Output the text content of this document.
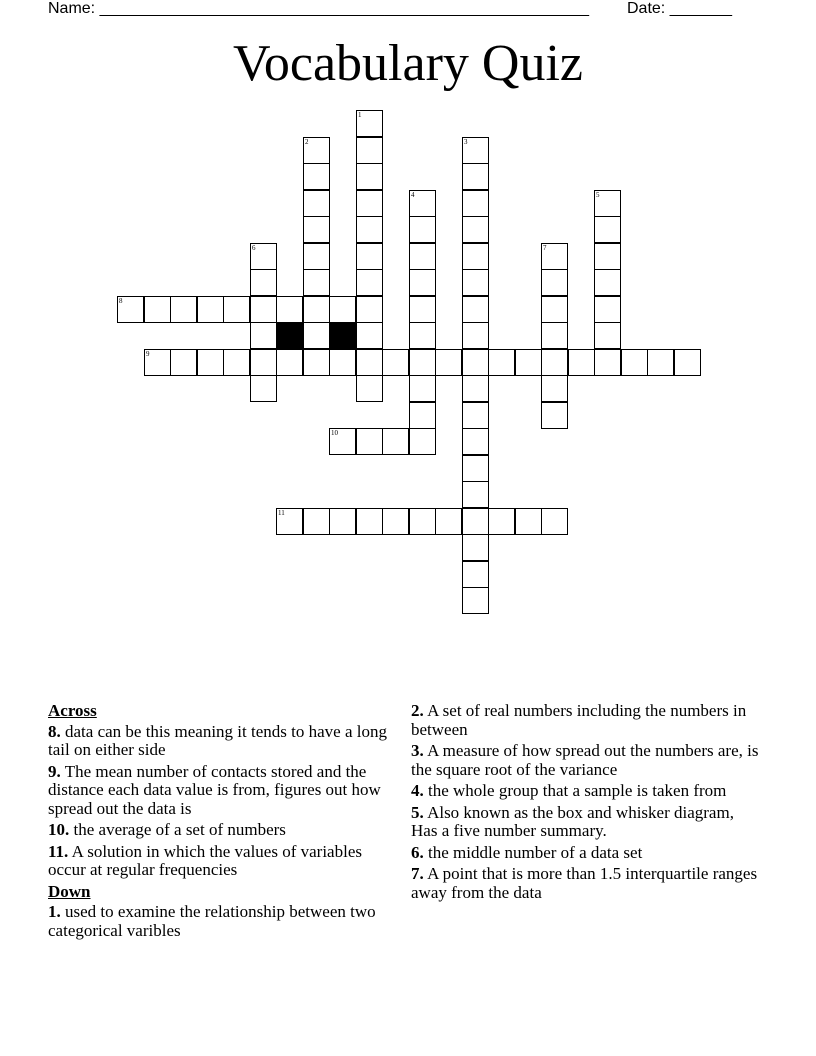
Name: _______________________________________________________ Date: _______
Vocabulary Quiz
8
9
10
11
1
2	3
4	5
6	7
Across
8. data can be this meaning it tends to have a long tail on either side
9. The mean number of contacts stored and the distance each data value is from, figures out how spread out the data is
10. the average of a set of numbers
11. A solution in which the values of variables occur at regular frequencies
Down
1. used to examine the relationship between two categorical varibles
2. A set of real numbers including the numbers in between
3. A measure of how spread out the numbers are, is the square root of the variance
4. the whole group that a sample is taken from
5. Also known as the box and whisker diagram, Has a five number summary.
6. the middle number of a data set
7. A point that is more than 1.5 interquartile ranges away from the data
